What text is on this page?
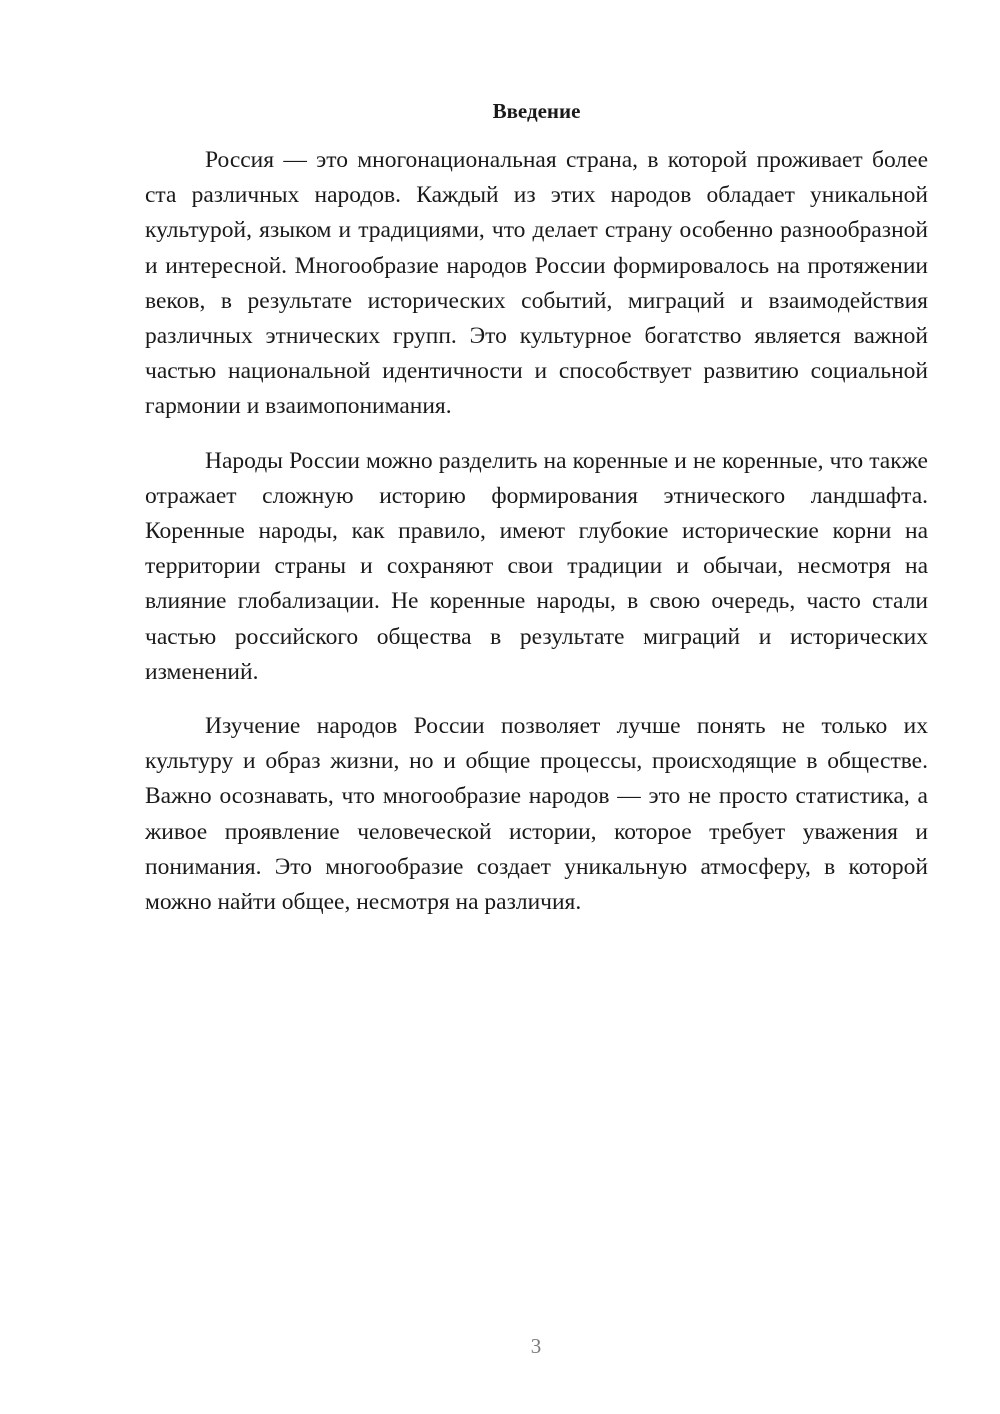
Введение

Россия — это многонациональная страна, в которой проживает более ста различных народов. Каждый из этих народов обладает уникальной культурой, языком и традициями, что делает страну особенно разнообразной и интересной. Многообразие народов России формировалось на протяжении веков, в результате исторических событий, миграций и взаимодействия различных этнических групп. Это культурное богатство является важной частью национальной идентичности и способствует развитию социальной гармонии и взаимопонимания.

Народы России можно разделить на коренные и не коренные, что также отражает сложную историю формирования этнического ландшафта. Коренные народы, как правило, имеют глубокие исторические корни на территории страны и сохраняют свои традиции и обычаи, несмотря на влияние глобализации. Не коренные народы, в свою очередь, часто стали частью российского общества в результате миграций и исторических изменений.

Изучение народов России позволяет лучше понять не только их культуру и образ жизни, но и общие процессы, происходящие в обществе. Важно осознавать, что многообразие народов — это не просто статистика, а живое проявление человеческой истории, которое требует уважения и понимания. Это многообразие создает уникальную атмосферу, в которой можно найти общее, несмотря на различия.

3
